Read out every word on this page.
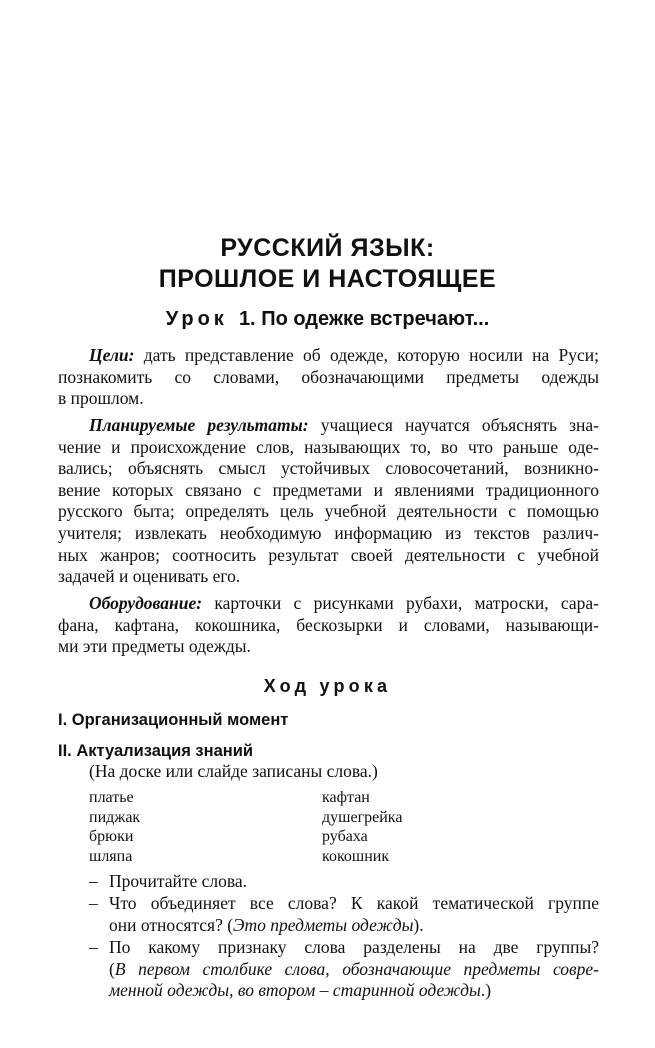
РУССКИЙ ЯЗЫК:
ПРОШЛОЕ И НАСТОЯЩЕЕ
Урок 1. По одежке встречают...
Цели: дать представление об одежде, которую носили на Руси;
познакомить со словами, обозначающими предметы одежды
в прошлом.
Планируемые результаты: учащиеся научатся объяснять зна-
чение и происхождение слов, называющих то, во что раньше оде-
вались; объяснять смысл устойчивых словосочетаний, возникно-
вение которых связано с предметами и явлениями традиционного
русского быта; определять цель учебной деятельности с помощью
учителя; извлекать необходимую информацию из текстов различ-
ных жанров; соотносить результат своей деятельности с учебной
задачей и оценивать его.
Оборудование: карточки с рисунками рубахи, матроски, сара-
фана, кафтана, кокошника, бескозырки и словами, называющи-
ми эти предметы одежды.
Ход урока
I. Организационный момент
II. Актуализация знаний
(На доске или слайде записаны слова.)
платье
пиджак
брюки
шляпа
кафтан
душегрейка
рубаха
кокошник
– Прочитайте слова.
– Что объединяет все слова? К какой тематической группе
они относятся? (Это предметы одежды).
– По какому признаку слова разделены на две группы?
(В первом столбике слова, обозначающие предметы совре-
менной одежды, во втором – старинной одежды.)
